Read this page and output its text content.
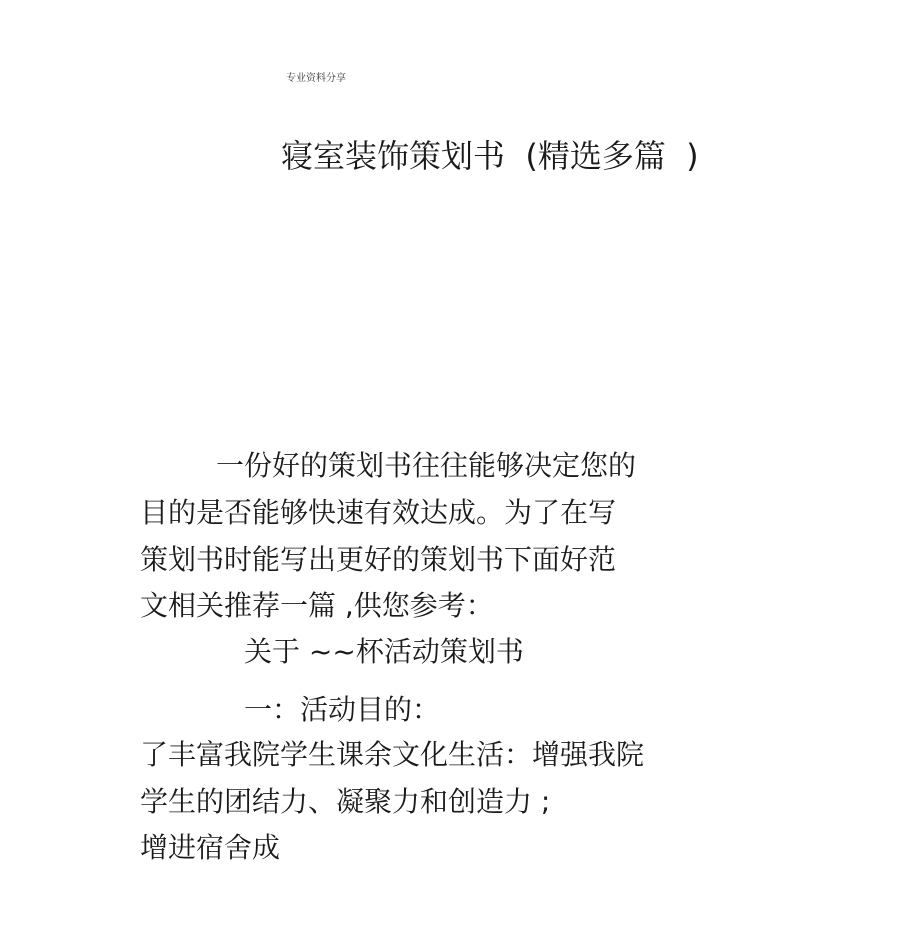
专业资料分享
寝室装饰策划书  (精选多篇  )

一份好的策划书往往能够决定您的

目的是否能够快速有效达成。为了在写

策划书时能写出更好的策划书下面好范

文相关推荐一篇 ,供您参考：

关于 ~~杯活动策划书

一：活动目的：

了丰富我院学生课余文化生活：增强我院

学生的团结力、凝聚力和创造力 ;

增进宿舍成
